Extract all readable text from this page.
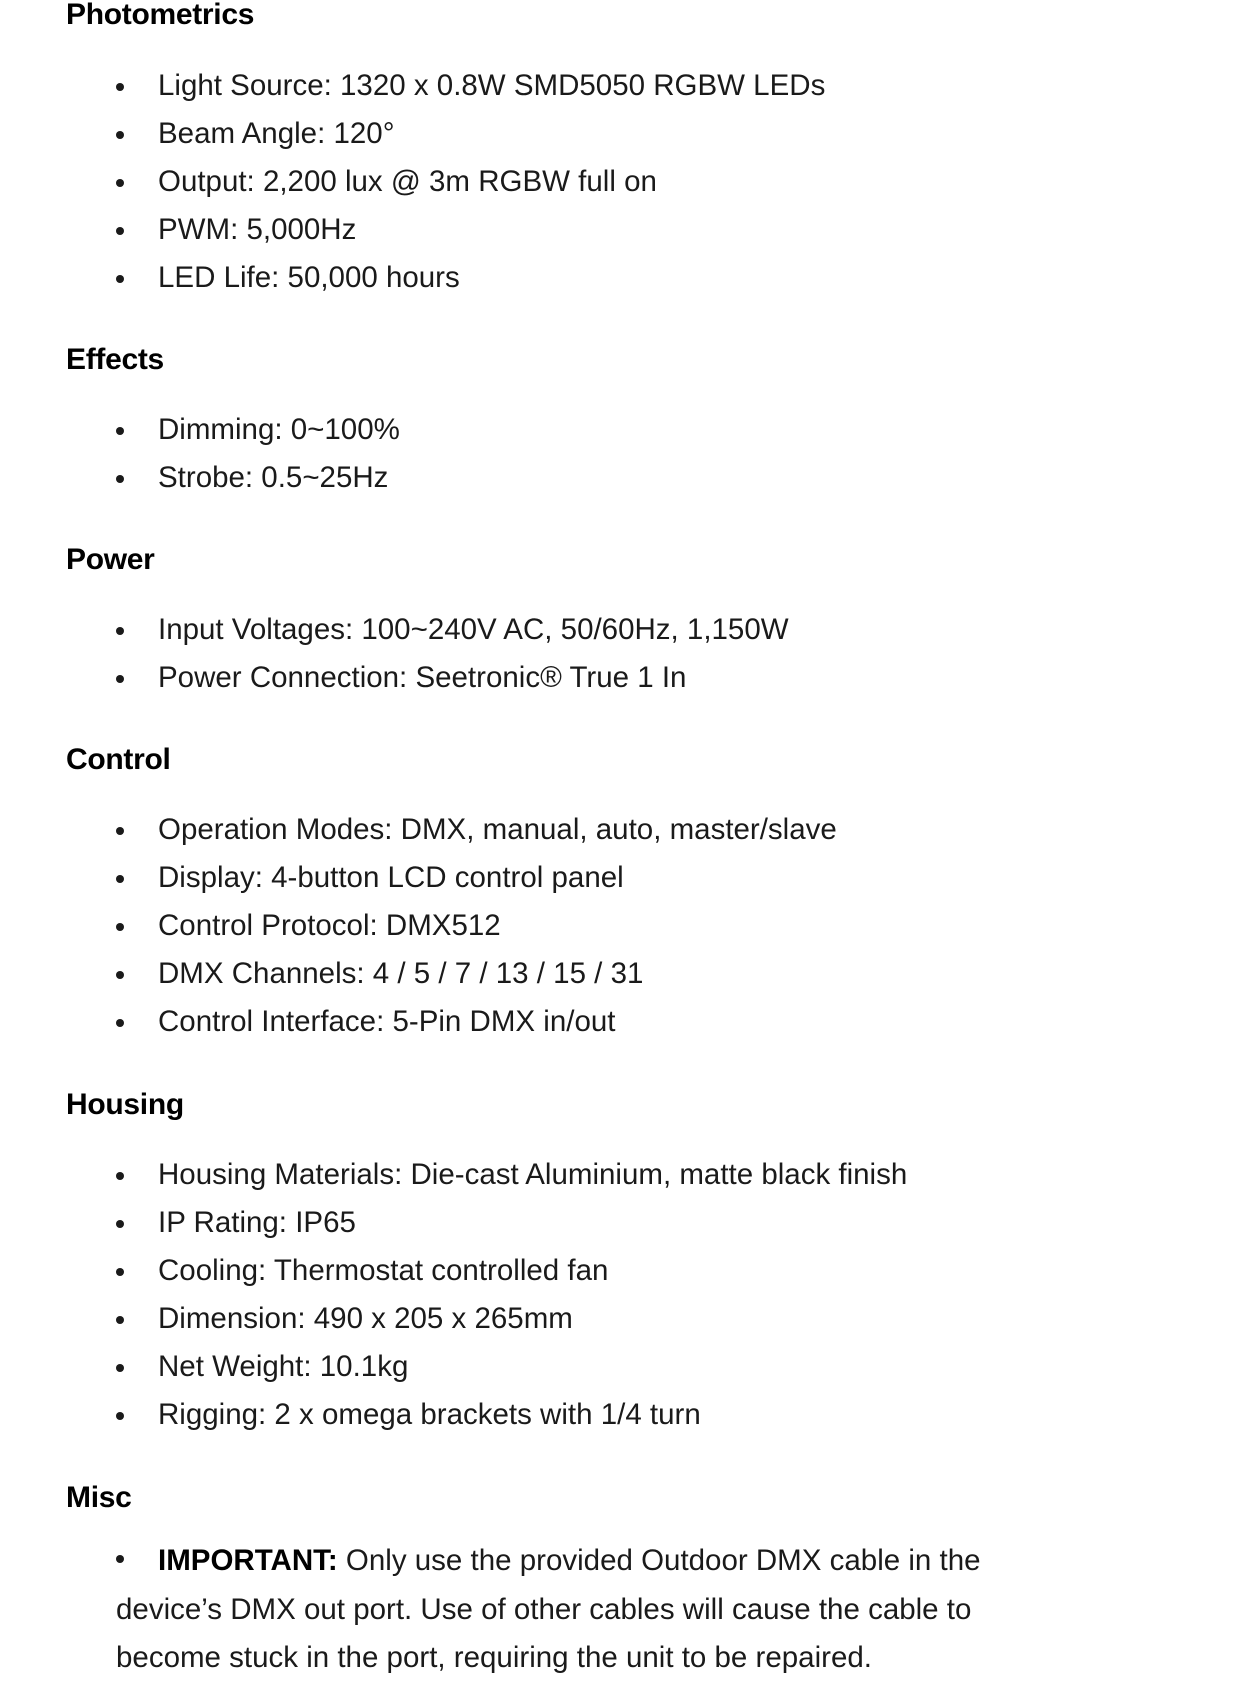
Photometrics
Light Source: 1320 x 0.8W SMD5050 RGBW LEDs
Beam Angle: 120°
Output: 2,200 lux @ 3m RGBW full on
PWM: 5,000Hz
LED Life: 50,000 hours
Effects
Dimming: 0~100%
Strobe: 0.5~25Hz
Power
Input Voltages: 100~240V AC, 50/60Hz, 1,150W
Power Connection: Seetronic® True 1 In
Control
Operation Modes: DMX, manual, auto, master/slave
Display: 4-button LCD control panel
Control Protocol: DMX512
DMX Channels: 4 / 5 / 7 / 13 / 15 / 31
Control Interface: 5-Pin DMX in/out
Housing
Housing Materials: Die-cast Aluminium, matte black finish
IP Rating: IP65
Cooling: Thermostat controlled fan
Dimension: 490 x 205 x 265mm
Net Weight: 10.1kg
Rigging: 2 x omega brackets with 1/4 turn
Misc

IMPORTANT: Only use the provided Outdoor DMX cable in the device’s DMX out port. Use of other cables will cause the cable to become stuck in the port, requiring the unit to be repaired.
